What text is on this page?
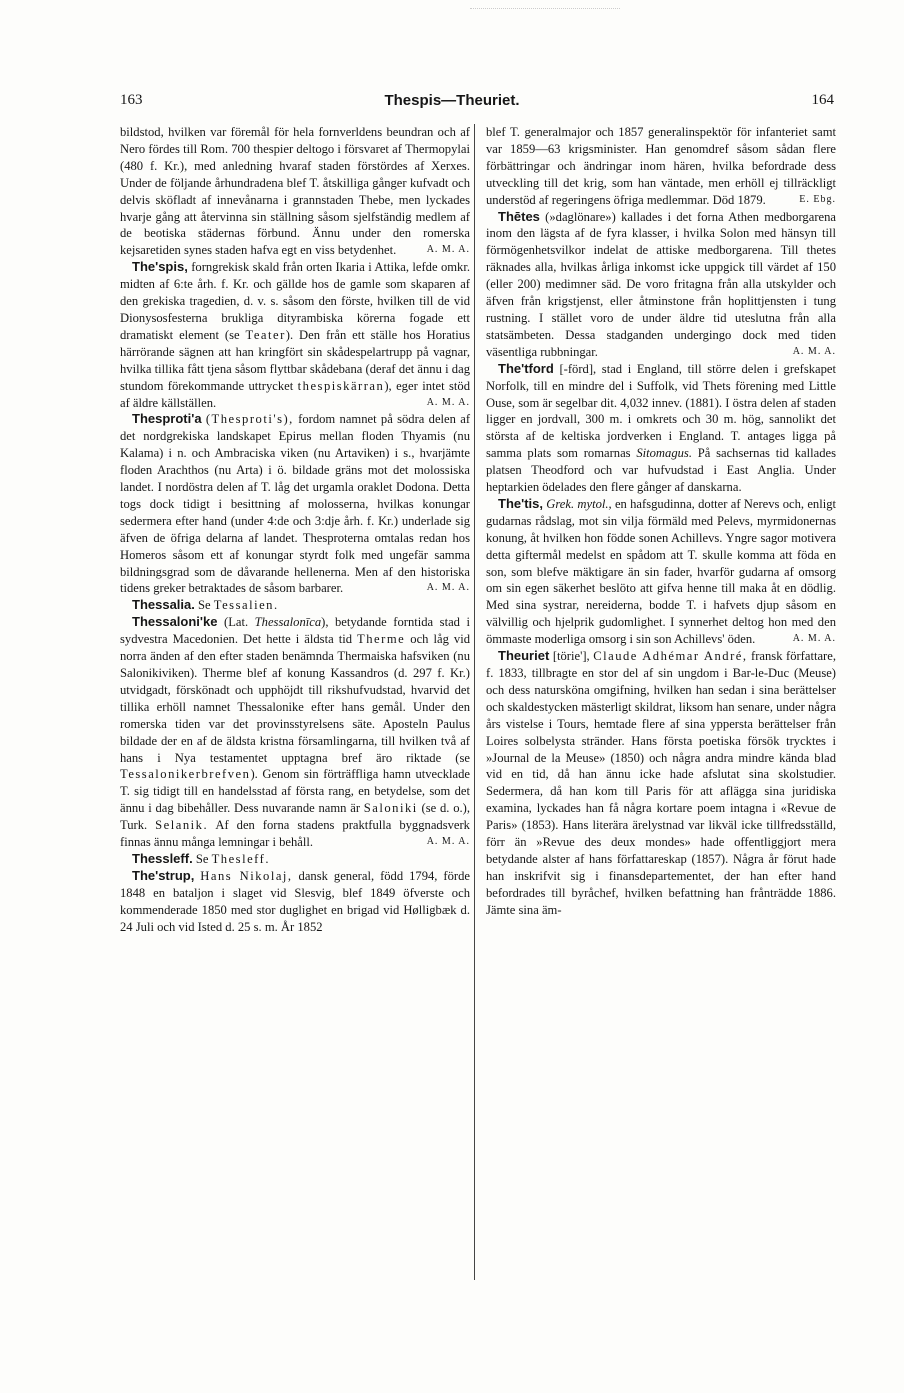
163	Thespis—Theuriet.	164

bildstod, hvilken var föremål för hela fornverldens beundran och af Nero fördes till Rom. 700 thespier deltogo i försvaret af Thermopylai (480 f. Kr.), med anledning hvaraf staden förstördes af Xerxes. Under de följande århundradena blef T. åtskilliga gånger kufvadt och delvis sköfladt af innevånarna i grannstaden Thebe, men lyckades hvarje gång att återvinna sin ställning såsom sjelfständig medlem af de beotiska städernas förbund. Ännu under den romerska kejsaretiden synes staden hafva egt en viss betydenhet.	A. M. A.

The'spis, forngrekisk skald från orten Ikaria i Attika, lefde omkr. midten af 6:te årh. f. Kr. och gällde hos de gamle som skaparen af den grekiska tragedien, d. v. s. såsom den förste, hvilken till de vid Dionysosfesterna brukliga dityrambiska körerna fogade ett dramatiskt element (se Teater). Den från ett ställe hos Horatius härrörande sägnen att han kringfört sin skådespelartrupp på vagnar, hvilka tillika fått tjena såsom flyttbar skådebana (deraf det ännu i dag stundom förekommande uttrycket thespiskärran), eger intet stöd af äldre källställen.	A. M. A.

Thesproti'a (Thesproti's), fordom namnet på södra delen af det nordgrekiska landskapet Epirus mellan floden Thyamis (nu Kalama) i n. och Ambraciska viken (nu Artaviken) i s., hvarjämte floden Arachthos (nu Arta) i ö. bildade gräns mot det molossiska landet. I nordöstra delen af T. låg det urgamla oraklet Dodona. Detta togs dock tidigt i besittning af molosserna, hvilkas konungar sedermera efter hand (under 4:de och 3:dje årh. f. Kr.) underlade sig äfven de öfriga delarna af landet. Thesproterna omtalas redan hos Homeros såsom ett af konungar styrdt folk med ungefär samma bildningsgrad som de dåvarande hellenerna. Men af den historiska tidens greker betraktades de såsom barbarer.	A. M. A.

Thessalia. Se Tessalien.

Thessaloni'ke (Lat. Thessalonīca), betydande forntida stad i sydvestra Macedonien. Det hette i äldsta tid Therme och låg vid norra änden af den efter staden benämnda Thermaiska hafsviken (nu Salonikiviken). Therme blef af konung Kassandros (d. 297 f. Kr.) utvidgadt, förskönadt och upphöjdt till rikshufvudstad, hvarvid det tillika erhöll namnet Thessalonike efter hans gemål. Under den romerska tiden var det provinsstyrelsens säte. Aposteln Paulus bildade der en af de äldsta kristna församlingarna, till hvilken två af hans i Nya testamentet upptagna bref äro riktade (se Tessalonikerbrefven). Genom sin förträffliga hamn utvecklade T. sig tidigt till en handelsstad af första rang, en betydelse, som det ännu i dag bibehåller. Dess nuvarande namn är Saloniki (se d. o.), Turk. Selanik. Af den forna stadens praktfulla byggnadsverk finnas ännu många lemningar i behåll.	A. M. A.

Thessleff. Se Thesleff.

The'strup, Hans Nikolaj, dansk general, född 1794, förde 1848 en bataljon i slaget vid Slesvig, blef 1849 öfverste och kommenderade 1850 med stor duglighet en brigad vid Hølligbæk d. 24 Juli och vid Isted d. 25 s. m. År 1852

blef T. generalmajor och 1857 generalinspektör för infanteriet samt var 1859—63 krigsminister. Han genomdref såsom sådan flere förbättringar och ändringar inom hären, hvilka befordrade dess utveckling till det krig, som han väntade, men erhöll ej tillräckligt understöd af regeringens öfriga medlemmar. Död 1879.	E. Ebg.

Thētes (»daglönare») kallades i det forna Athen medborgarena inom den lägsta af de fyra klasser, i hvilka Solon med hänsyn till förmögenhetsvilkor indelat de attiske medborgarena. Till thetes räknades alla, hvilkas årliga inkomst icke uppgick till värdet af 150 (eller 200) medimner säd. De voro fritagna från alla utskylder och äfven från krigstjenst, eller åtminstone från hoplittjensten i tung rustning. I stället voro de under äldre tid uteslutna från alla statsämbeten. Dessa stadganden undergingo dock med tiden väsentliga rubbningar.	A. M. A.

The'tford [-förd], stad i England, till större delen i grefskapet Norfolk, till en mindre del i Suffolk, vid Thets förening med Little Ouse, som är segelbar dit. 4,032 innev. (1881). I östra delen af staden ligger en jordvall, 300 m. i omkrets och 30 m. hög, sannolikt det största af de keltiska jordverken i England. T. antages ligga på samma plats som romarnas Sitomagus. På sachsernas tid kallades platsen Theodford och var hufvudstad i East Anglia. Under heptarkien ödelades den flere gånger af danskarna.

The'tis, Grek. mytol., en hafsgudinna, dotter af Nerevs och, enligt gudarnas rådslag, mot sin vilja förmäld med Pelevs, myrmidonernas konung, åt hvilken hon födde sonen Achillevs. Yngre sagor motivera detta giftermål medelst en spådom att T. skulle komma att föda en son, som blefve mäktigare än sin fader, hvarför gudarna af omsorg om sin egen säkerhet beslöto att gifva henne till maka åt en dödlig. Med sina systrar, nereiderna, bodde T. i hafvets djup såsom en välvillig och hjelprik gudomlighet. I synnerhet deltog hon med den ömmaste moderliga omsorg i sin son Achillevs' öden.	A. M. A.

Theuriet [törie'], Claude Adhémar André, fransk författare, f. 1833, tillbragte en stor del af sin ungdom i Bar-le-Duc (Meuse) och dess natursköna omgifning, hvilken han sedan i sina berättelser och skaldestycken mästerligt skildrat, liksom han senare, under några års vistelse i Tours, hemtade flere af sina yppersta berättelser från Loires solbelysta stränder. Hans första poetiska försök trycktes i »Journal de la Meuse» (1850) och några andra mindre kända blad vid en tid, då han ännu icke hade afslutat sina skolstudier. Sedermera, då han kom till Paris för att aflägga sina juridiska examina, lyckades han få några kortare poem intagna i «Revue de Paris» (1853). Hans literära ärelystnad var likväl icke tillfredsställd, förr än »Revue des deux mondes» hade offentliggjort mera betydande alster af hans författareskap (1857). Några år förut hade han inskrifvit sig i finansdepartementet, der han efter hand befordrades till byråchef, hvilken befattning han frånträdde 1886. Jämte sina äm-
